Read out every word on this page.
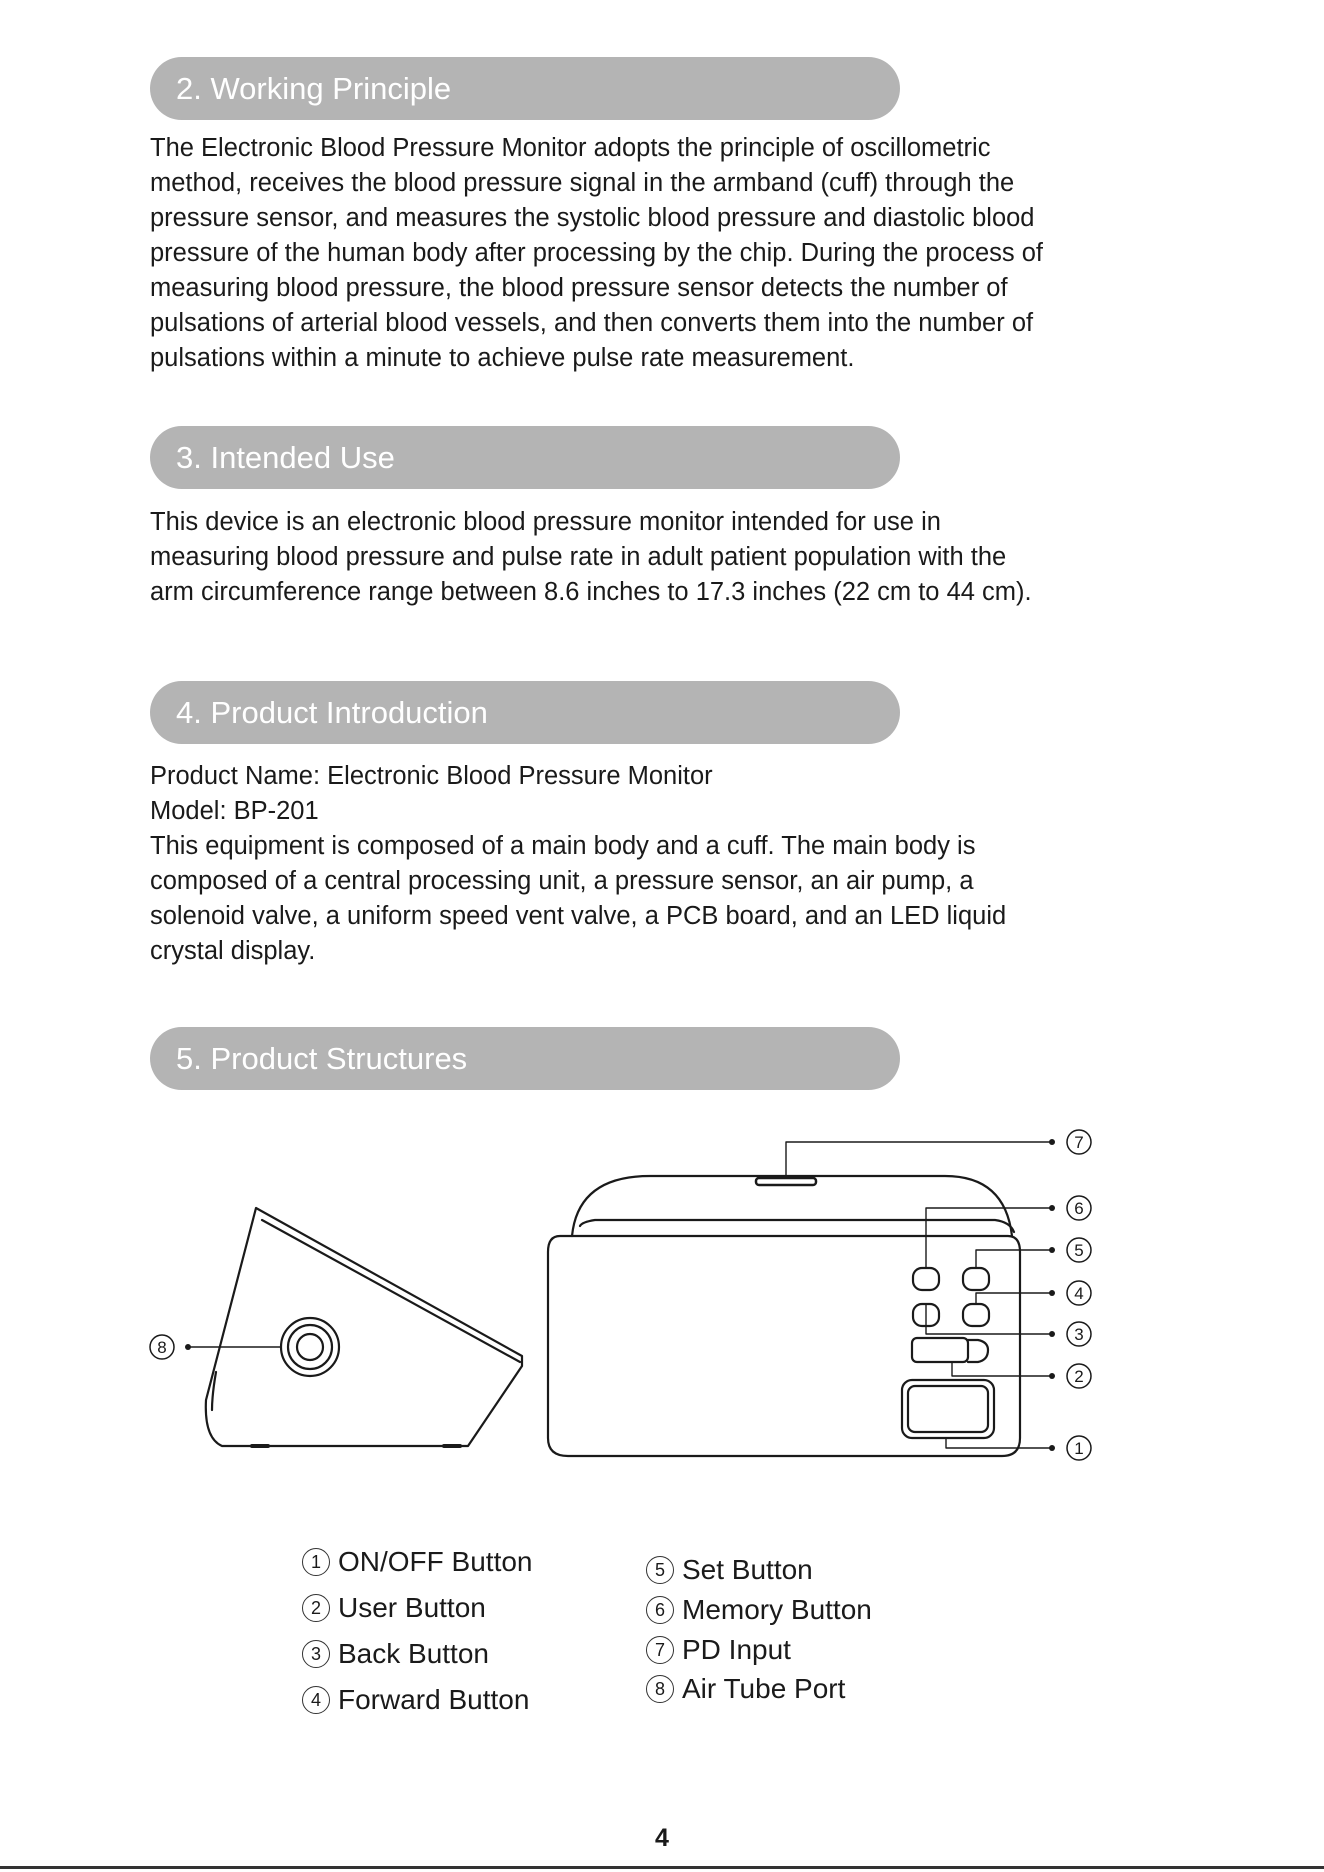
2. Working Principle

The Electronic Blood Pressure Monitor adopts the principle of oscillometric
method, receives the blood pressure signal in the armband (cuff) through the
pressure sensor, and measures the systolic blood pressure and diastolic blood
pressure of the human body after processing by the chip. During the process of
measuring blood pressure, the blood pressure sensor detects the number of
pulsations of arterial blood vessels, and then converts them into the number of
pulsations within a minute to achieve pulse rate measurement.

3. Intended Use

This device is an electronic blood pressure monitor intended for use in
measuring blood pressure and pulse rate in adult patient population with the
arm circumference range between 8.6 inches to 17.3 inches (22 cm to 44 cm).

4. Product Introduction

Product Name: Electronic Blood Pressure Monitor
Model: BP-201
This equipment is composed of a main body and a cuff. The main body is
composed of a central processing unit, a pressure sensor, an air pump, a
solenoid valve, a uniform speed vent valve, a PCB board, and an LED liquid
crystal display.

5. Product Structures
7
6
5
4
3
2
1
8
1 ON/OFF Button
2 User Button
3 Back Button
4 Forward Button
5 Set Button
6 Memory Button
7 PD Input
8 Air Tube Port
4
